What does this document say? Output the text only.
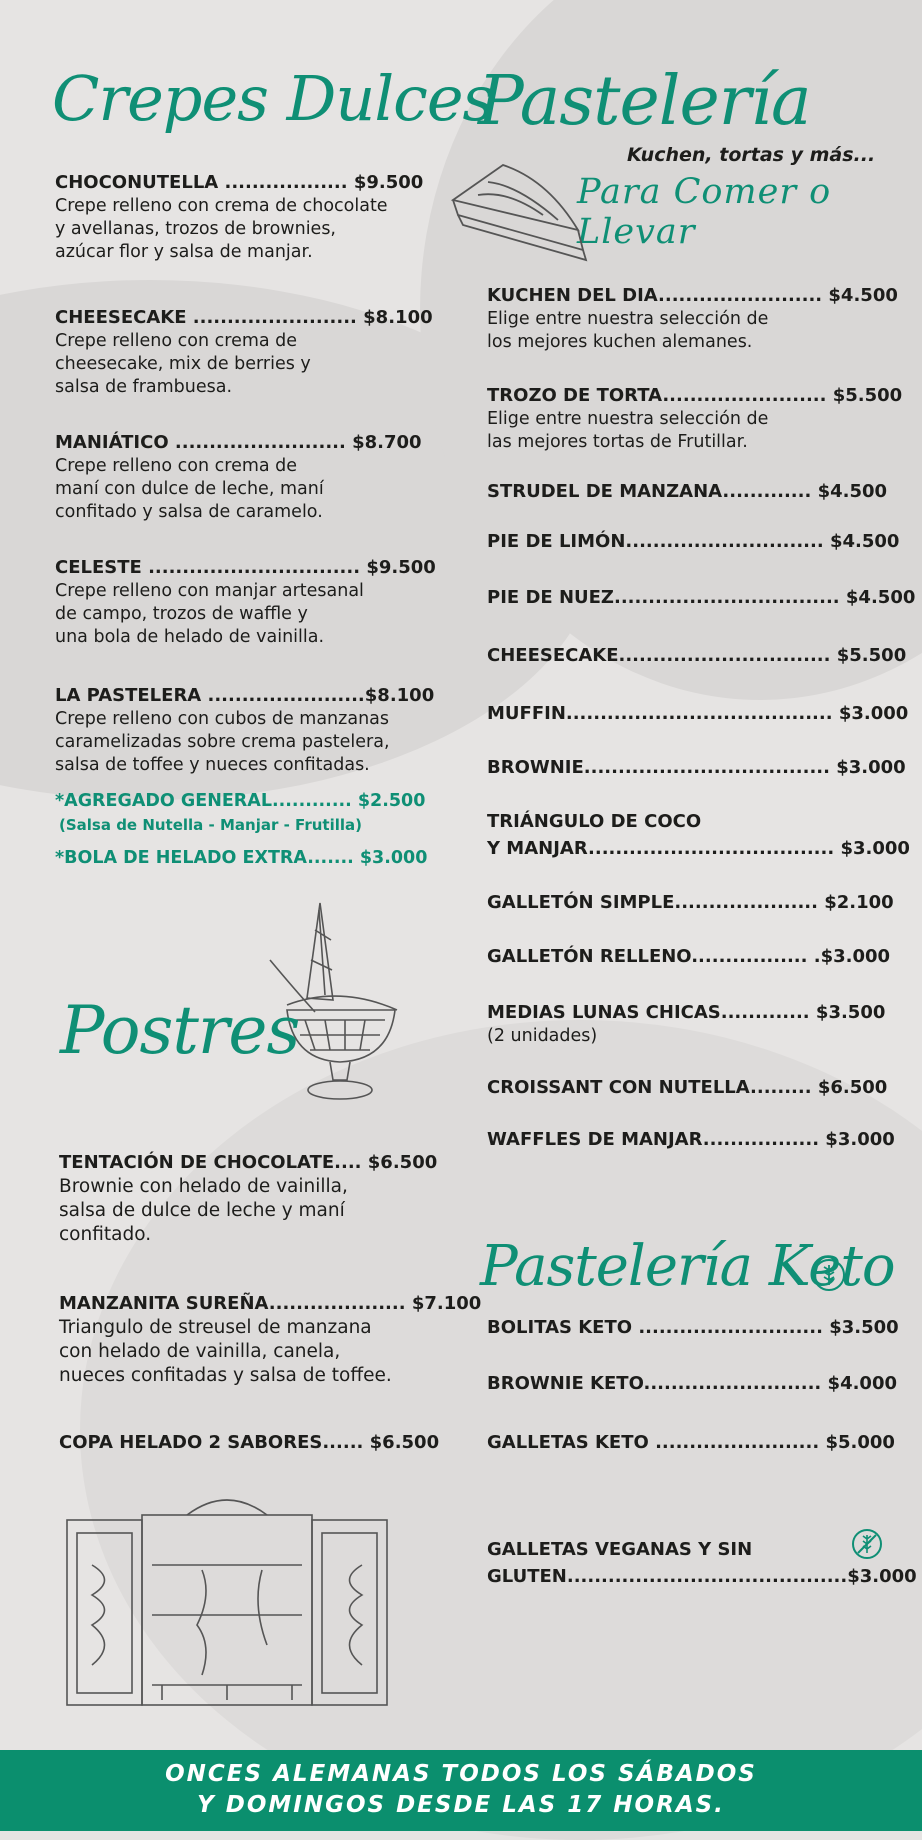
Crepes Dulces
CHOCONUTELLA .................. $9.500
Crepe relleno con crema de chocolate
y avellanas, trozos de brownies,
azúcar flor y salsa de manjar.
CHEESECAKE ........................ $8.100
Crepe relleno con crema de
cheesecake, mix de berries y
salsa de frambuesa.
MANIÁTICO ......................... $8.700
Crepe relleno con crema de
maní con dulce de leche, maní
confitado y salsa de caramelo.
CELESTE ............................... $9.500
Crepe relleno con manjar artesanal
de campo, trozos de waffle y
una bola de helado de vainilla.
LA PASTELERA .......................$8.100
Crepe relleno con cubos de manzanas
caramelizadas sobre crema pastelera,
salsa de toffee y nueces confitadas.
*AGREGADO GENERAL............ $2.500
(Salsa de Nutella - Manjar - Frutilla)
*BOLA DE HELADO EXTRA....... $3.000
Postres
TENTACIÓN DE CHOCOLATE.... $6.500
Brownie con helado de vainilla,
salsa de dulce de leche y maní
confitado.
MANZANITA SUREÑA.................... $7.100
Triangulo de streusel de manzana
con helado de vainilla, canela,
nueces confitadas y salsa de toffee.
COPA HELADO 2 SABORES...... $6.500
Pastelería
Kuchen, tortas y más...
Para Comer o Llevar
KUCHEN DEL DIA........................ $4.500
Elige entre nuestra selección de
los mejores kuchen alemanes.
TROZO DE TORTA........................ $5.500
Elige entre nuestra selección de
las mejores tortas de Frutillar.
STRUDEL DE MANZANA............. $4.500
PIE DE LIMÓN............................. $4.500
PIE DE NUEZ................................. $4.500
CHEESECAKE............................... $5.500
MUFFIN....................................... $3.000
BROWNIE.................................... $3.000
TRIÁNGULO DE COCO
Y MANJAR.................................... $3.000
GALLETÓN SIMPLE..................... $2.100
GALLETÓN RELLENO................. .$3.000
MEDIAS LUNAS CHICAS............. $3.500
(2 unidades)
CROISSANT CON NUTELLA......... $6.500
WAFFLES DE MANJAR................. $3.000
Pastelería Keto
BOLITAS KETO ........................... $3.500
BROWNIE KETO.......................... $4.000
GALLETAS KETO ........................ $5.000
GALLETAS VEGANAS Y SIN
GLUTEN.........................................$3.000
ONCES ALEMANAS TODOS LOS SÁBADOS
Y DOMINGOS DESDE LAS 17 HORAS.
